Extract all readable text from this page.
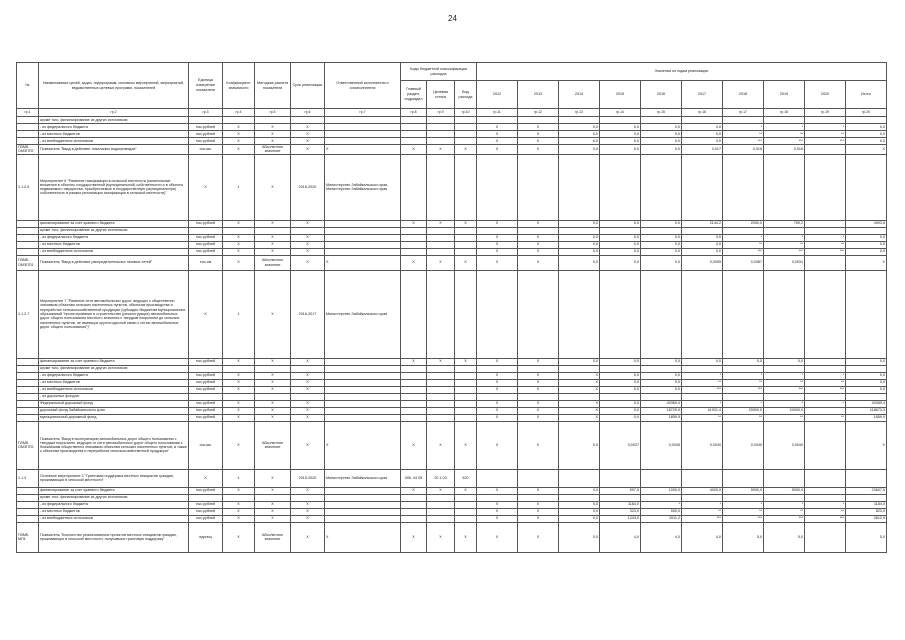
24
№	Наименование целей, задач, подпрограмм, основных мероприятий, мероприятий, ведомственных целевых программ, показателей	Единица измерения показателя	Коэффициент значимости	Методика расчета показателя	Срок реализации	Ответственный исполнитель и соисполнители	Коды бюджетной классификации расходов			Значения по годам реализации									
							Главный раздел, подраздел	Целевая статья	Вид расхода	2012	2013	2014	2015	2016	2017	2018	2019	2020	Итого
гр.1	гр.2	гр.3	гр.4	гр.5	гр.6	гр.7	гр.8	гр.9	гр.10	гр.11	гр.12	гр.13	гр.14	гр.15	гр.16	гр.17	гр.18	гр.19	гр.20
	кроме того, финансирование из других источников:																		
	- из федерального бюджета	тыс.рублей	Х	Х	Х					Х	Х	0,0	0,0	0,0	0,0	*	*	*	0,0
	- из местных бюджетов	тыс.рублей	Х	Х	Х					Х	Х	0,0	0,0	0,0	0,0	**	**	**	0,0
	- из внебюджетных источников	тыс.рублей	Х	Х	Х					Х	Х	0,0	0,0	0,0	0,0	***	***	***	0,0
ПЗМБ ОМЗПП2	Показатель "Ввод в действие локальных водопроводов"	тыс.км.	Х	Абсолютное значение	Х	Х	Х	Х	Х	Х	Х	0,0	0,0	0,0	0,017	0,016	0,016		Х
1.1.2.6	Мероприятие 6 "Развитие газификации в сельской местности (капитальные вложения в объекты государственной (муниципальной) собственности и в объекты недвижимого имущества, приобретаемые в государственную (муниципальную) собственность в рамках реализации газификации в сельской местности)"	Х	1	Х	2016-2020	Министерство Забайкальского края, Министерство Забайкальского края													
	финансирование за счет краевого бюджета	тыс.рублей	Х	Х	Х		Х	Х	Х	Х	Х	0,0	0,0	0,0	2144,2	2000,0	769,2		4903,6
	кроме того, финансирование из других источников:																		
	- из федерального бюджета	тыс.рублей	Х	Х	Х					Х	Х	0,0	0,0	0,0	0,0	*	*	*	0,0
	- из местных бюджетов	тыс.рублей	Х	Х	Х					Х	Х	0,0	0,0	0,0	0,0	**	**	**	0,0
	- из внебюджетных источников	тыс.рублей	Х	Х	Х					Х	Х	0,0	0,0	0,0	0,0	***	***	***	0,0
ПЗМБ ОМЗПП1	Показатель "Ввод в действие распределительных газовых сетей"	тыс.км	Х	Абсолютное значение	Х	Х	Х	Х	Х	Х	Х	0,0	0,0	0,0	0,0095	0,0087	0,0031		Х
1.1.2.7	Мероприятие 7 "Развитие сети автомобильных дорог, ведущих к общественно значимым объектам сельских населенных пунктов, объектам производства и переработки сельскохозяйственной продукции (субсидии бюджетам муниципальных образований "проектирование и строительство (реконструкция) автомобильных дорог общего пользования местного значения с твердым покрытием до сельских населенных пунктов, не имеющих круглогодичной связи с сетью автомобильных дорог общего пользования")"	Х	1	Х	2016-2017	Министерство Забайкальского края													
	финансирование за счет краевого бюджета	тыс.рублей	Х	Х	Х		Х	Х	Х	Х	Х	0,0	0,0	0,0	0,0	0,0	0,0		0,0
	кроме того, финансирование из других источников:																		
	- из федерального бюджета	тыс.рублей	Х	Х	Х					Х	Х	Х	0,0	0,0	*	*	*	*	0,0
	- из местных бюджетов	тыс.рублей	Х	Х	Х					Х	Х	Х	0,0	0,0	**	**	**	**	0,0
	- из внебюджетных источников	тыс.рублей	Х	Х	Х					Х	Х	Х	0,0	0,0	***	***	***	***	0,0
	- из дорожных фондов:																		
	Федеральный дорожный фонд	тыс.рублей	Х	Х	Х					Х	Х	Х	0,0	40369,4	*	*	*	*	40369,4
	дорожный фонд Забайкальского края	тыс.рублей	Х	Х	Х					Х	Х	Х	0,0	16729,9	41931,4	20000,0	20000,0		118673,3
	муниципальный дорожный фонд	тыс.рублей	Х	Х	Х					Х	Х	Х	0,0	1859,9	**	**	**	**	1859,9
ПЗМБ ОМЗПП2	Показатель "Ввод в эксплуатацию автомобильных дорог общего пользования с твердым покрытием, ведущих от сети автомобильных дорог общего пользования к ближайшим общественно значимым объектам сельских населенных пунктов, а также к объектам производства и переработки сельскохозяйственной продукции"	тыс.км.	Х	Абсолютное значение	Х	Х	Х	Х	Х	Х	Х	0,0	0,0037	0,0045	0,0040	0,0040	0,0040		Х
1.1.3	Основное мероприятие 3 "Грантовая поддержка местных инициатив граждан, проживающих в сельской местности"	Х	1	Х	2015-2020	Министерство Забайкальского края	006, 04 05	20 1 03	520										
	финансирование за счет краевого бюджета	тыс.рублей	Х	Х	Х		Х	Х	Х	Х	Х	0,0	597,5	1000,0	4000,0	5000,0	5000,0		23607,5
	кроме того, финансирование из других источников:																		
	- из федерального бюджета	тыс.рублей	Х	Х	Х					Х	Х	0,0	1184,0	*	*	*	*	*	1184,0
	- из местных бюджетов	тыс.рублей	Х	Х	Х					Х	Х	0,0	323,0	500,0	**	**	**	**	823,0
	- из внебюджетных источников	тыс.рублей	Х	Х	Х					Х	Х	0,0	1243,0	1511,2	***	***	***	***	2812,9
ПЗМБ МП1	Показатель "Количество реализованных проектов местных инициатив граждан, проживающих в сельской местности, получивших грантовую поддержку"	единиц	Х	Абсолютное значение	Х	Х	Х	Х	Х	Х	Х	0,0	4,0	4,0	4,0	5,0	5,0		5,0
